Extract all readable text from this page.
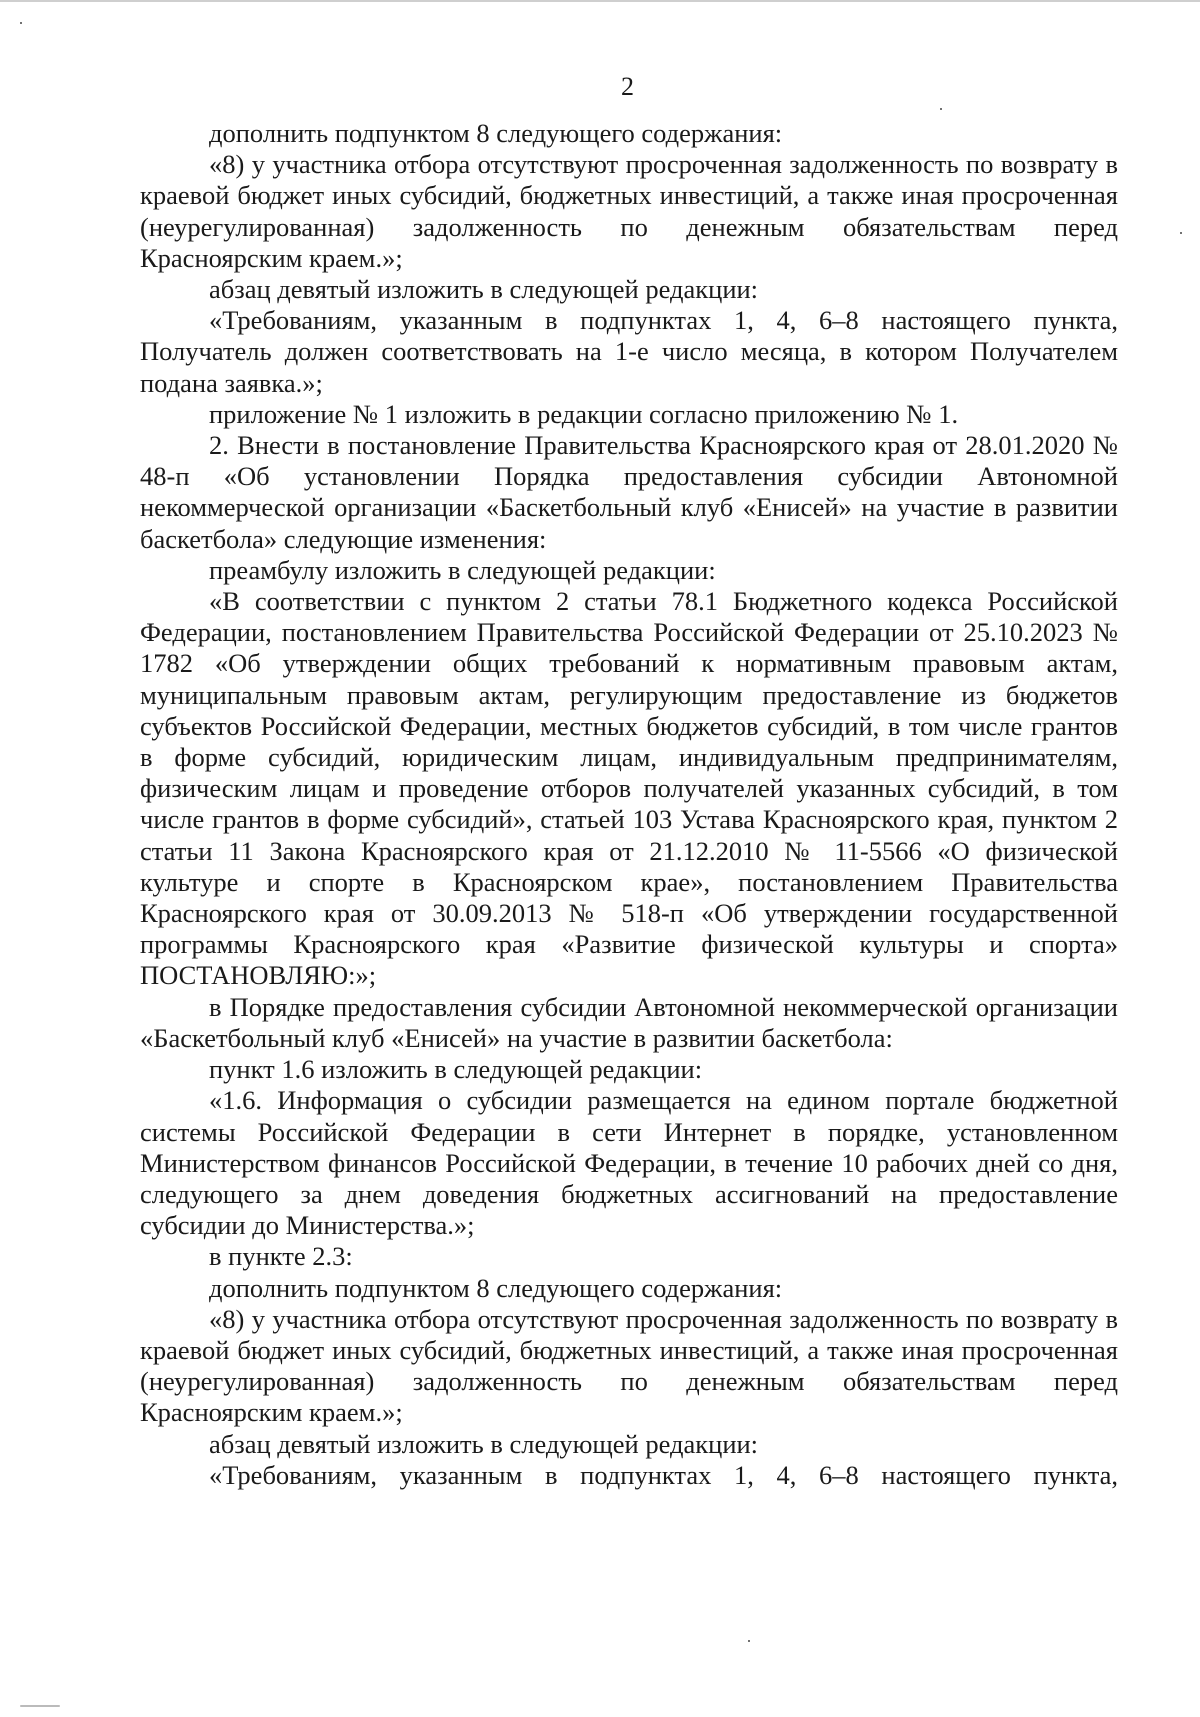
2

дополнить подпунктом 8 следующего содержания:

«8) у участника отбора отсутствуют просроченная задолженность по возврату в краевой бюджет иных субсидий, бюджетных инвестиций, а также иная просроченная (неурегулированная) задолженность по денежным обязательствам перед Красноярским краем.»;

абзац девятый изложить в следующей редакции:

«Требованиям, указанным в подпунктах 1, 4, 6–8 настоящего пункта, Получатель должен соответствовать на 1-е число месяца, в котором Получателем подана заявка.»;

приложение № 1 изложить в редакции согласно приложению № 1.

2. Внести в постановление Правительства Красноярского края от 28.01.2020 № 48-п «Об установлении Порядка предоставления субсидии Автономной некоммерческой организации «Баскетбольный клуб «Енисей» на участие в развитии баскетбола» следующие изменения:

преамбулу изложить в следующей редакции:

«В соответствии с пунктом 2 статьи 78.1 Бюджетного кодекса Российской Федерации, постановлением Правительства Российской Федерации от 25.10.2023 № 1782 «Об утверждении общих требований к нормативным правовым актам, муниципальным правовым актам, регулирующим предоставление из бюджетов субъектов Российской Федерации, местных бюджетов субсидий, в том числе грантов в форме субсидий, юридическим лицам, индивидуальным предпринимателям, физическим лицам и проведение отборов получателей указанных субсидий, в том числе грантов в форме субсидий», статьей 103 Устава Красноярского края, пунктом 2 статьи 11 Закона Красноярского края от 21.12.2010 № 11-5566 «О физической культуре и спорте в Красноярском крае», постановлением Правительства Красноярского края от 30.09.2013 № 518-п «Об утверждении государственной программы Красноярского края «Развитие физической культуры и спорта» ПОСТАНОВЛЯЮ:»;

в Порядке предоставления субсидии Автономной некоммерческой организации «Баскетбольный клуб «Енисей» на участие в развитии баскетбола:

пункт 1.6 изложить в следующей редакции:

«1.6. Информация о субсидии размещается на едином портале бюджетной системы Российской Федерации в сети Интернет в порядке, установленном Министерством финансов Российской Федерации, в течение 10 рабочих дней со дня, следующего за днем доведения бюджетных ассигнований на предоставление субсидии до Министерства.»;

в пункте 2.3:

дополнить подпунктом 8 следующего содержания:

«8) у участника отбора отсутствуют просроченная задолженность по возврату в краевой бюджет иных субсидий, бюджетных инвестиций, а также иная просроченная (неурегулированная) задолженность по денежным обязательствам перед Красноярским краем.»;

абзац девятый изложить в следующей редакции:

«Требованиям, указанным в подпунктах 1, 4, 6–8 настоящего пункта,
